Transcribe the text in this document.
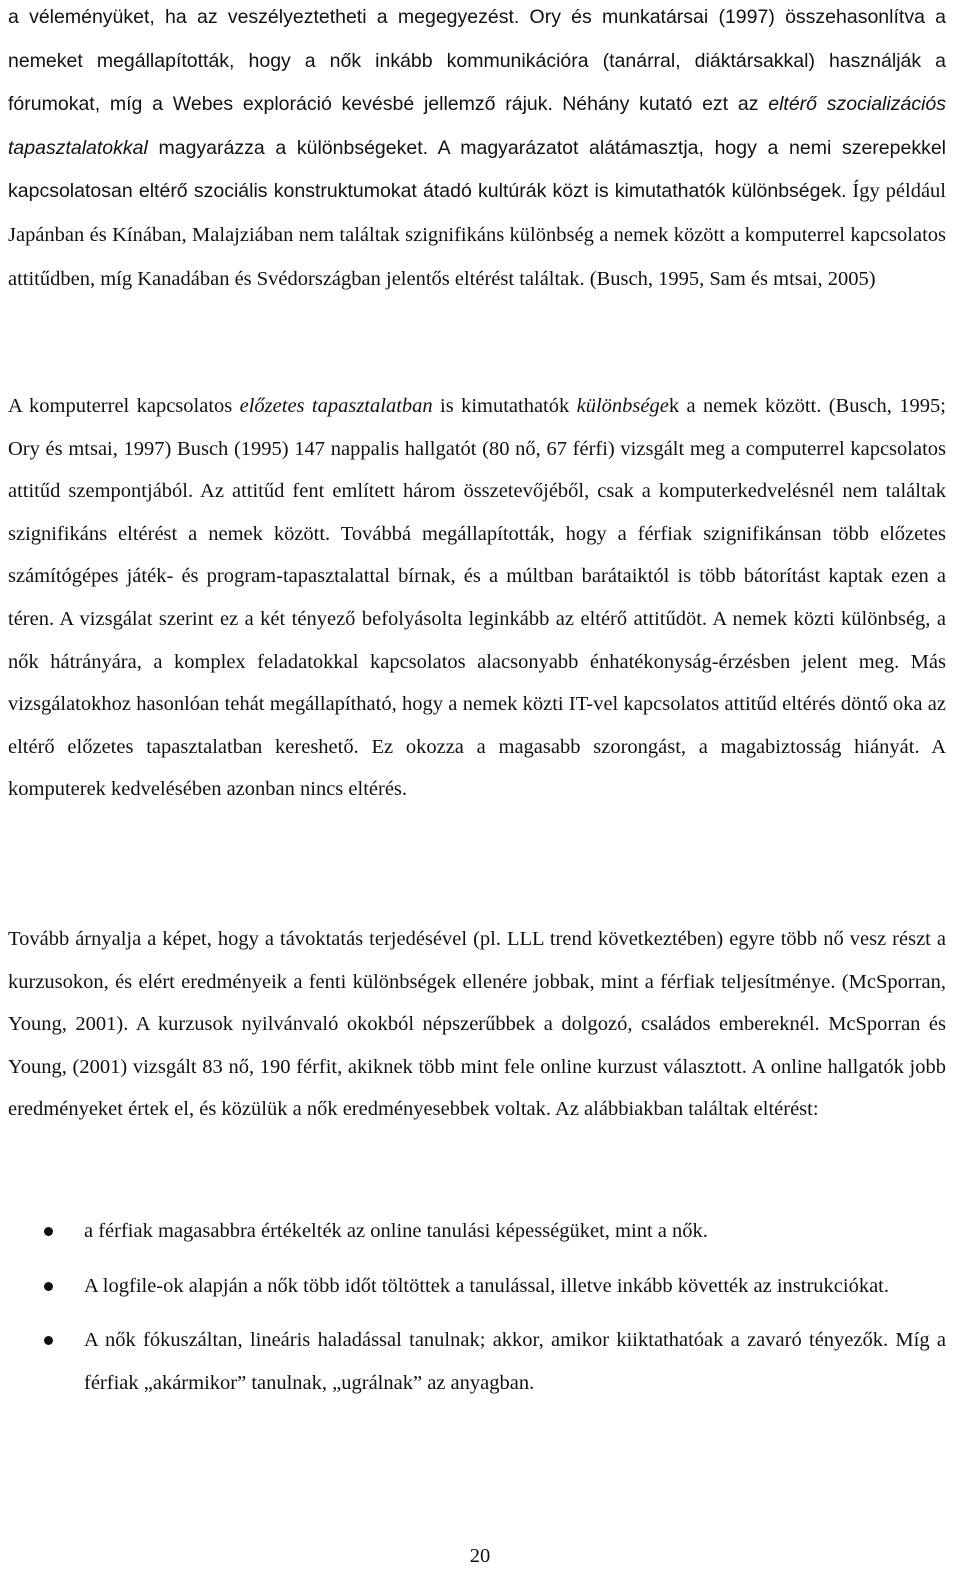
a véleményüket, ha az veszélyeztetheti a megegyezést. Ory és munkatársai (1997) összehasonlítva a nemeket megállapították, hogy a nők inkább kommunikációra (tanárral, diáktársakkal) használják a fórumokat, míg a Webes exploráció kevésbé jellemző rájuk. Néhány kutató ezt az eltérő szocializációs tapasztalatokkal magyarázza a különbségeket. A magyarázatot alátámasztja, hogy a nemi szerepekkel kapcsolatosan eltérő szociális konstruktumokat átadó kultúrák közt is kimutathatók különbségek. Így például Japánban és Kínában, Malajziában nem találtak szignifikáns különbség a nemek között a komputerrel kapcsolatos attitűdben, míg Kanadában és Svédországban jelentős eltérést találtak. (Busch, 1995, Sam és mtsai, 2005)
A komputerrel kapcsolatos előzetes tapasztalatban is kimutathatók különbségek a nemek között. (Busch, 1995; Ory és mtsai, 1997) Busch (1995) 147 nappalis hallgatót (80 nő, 67 férfi) vizsgált meg a computerrel kapcsolatos attitűd szempontjából. Az attitűd fent említett három összetevőjéből, csak a komputerkedvelésnél nem találtak szignifikáns eltérést a nemek között. Továbbá megállapították, hogy a férfiak szignifikánsan több előzetes számítógépes játék- és program-tapasztalattal bírnak, és a múltban barátaiktól is több bátorítást kaptak ezen a téren. A vizsgálat szerint ez a két tényező befolyásolta leginkább az eltérő attitűdöt. A nemek közti különbség, a nők hátrányára, a komplex feladatokkal kapcsolatos alacsonyabb énhatékonyság-érzésben jelent meg. Más vizsgálatokhoz hasonlóan tehát megállapítható, hogy a nemek közti IT-vel kapcsolatos attitűd eltérés döntő oka az eltérő előzetes tapasztalatban kereshető. Ez okozza a magasabb szorongást, a magabiztosság hiányát. A komputerek kedvelésében azonban nincs eltérés.
Tovább árnyalja a képet, hogy a távoktatás terjedésével (pl. LLL trend következtében) egyre több nő vesz részt a kurzusokon, és elért eredményeik a fenti különbségek ellenére jobbak, mint a férfiak teljesítménye. (McSporran, Young, 2001). A kurzusok nyilvánvaló okokból népszerűbbek a dolgozó, családos embereknél. McSporran és Young, (2001) vizsgált 83 nő, 190 férfit, akiknek több mint fele online kurzust választott. A online hallgatók jobb eredményeket értek el, és közülük a nők eredményesebbek voltak. Az alábbiakban találtak eltérést:
a férfiak magasabbra értékelték az online tanulási képességüket, mint a nők.
A logfile-ok alapján a nők több időt töltöttek a tanulással, illetve inkább követték az instrukciókat.
A nők fókuszáltan, lineáris haladással tanulnak; akkor, amikor kiiktathatóak a zavaró tényezők. Míg a férfiak „akármikor” tanulnak, „ugrálnak” az anyagban.
20
